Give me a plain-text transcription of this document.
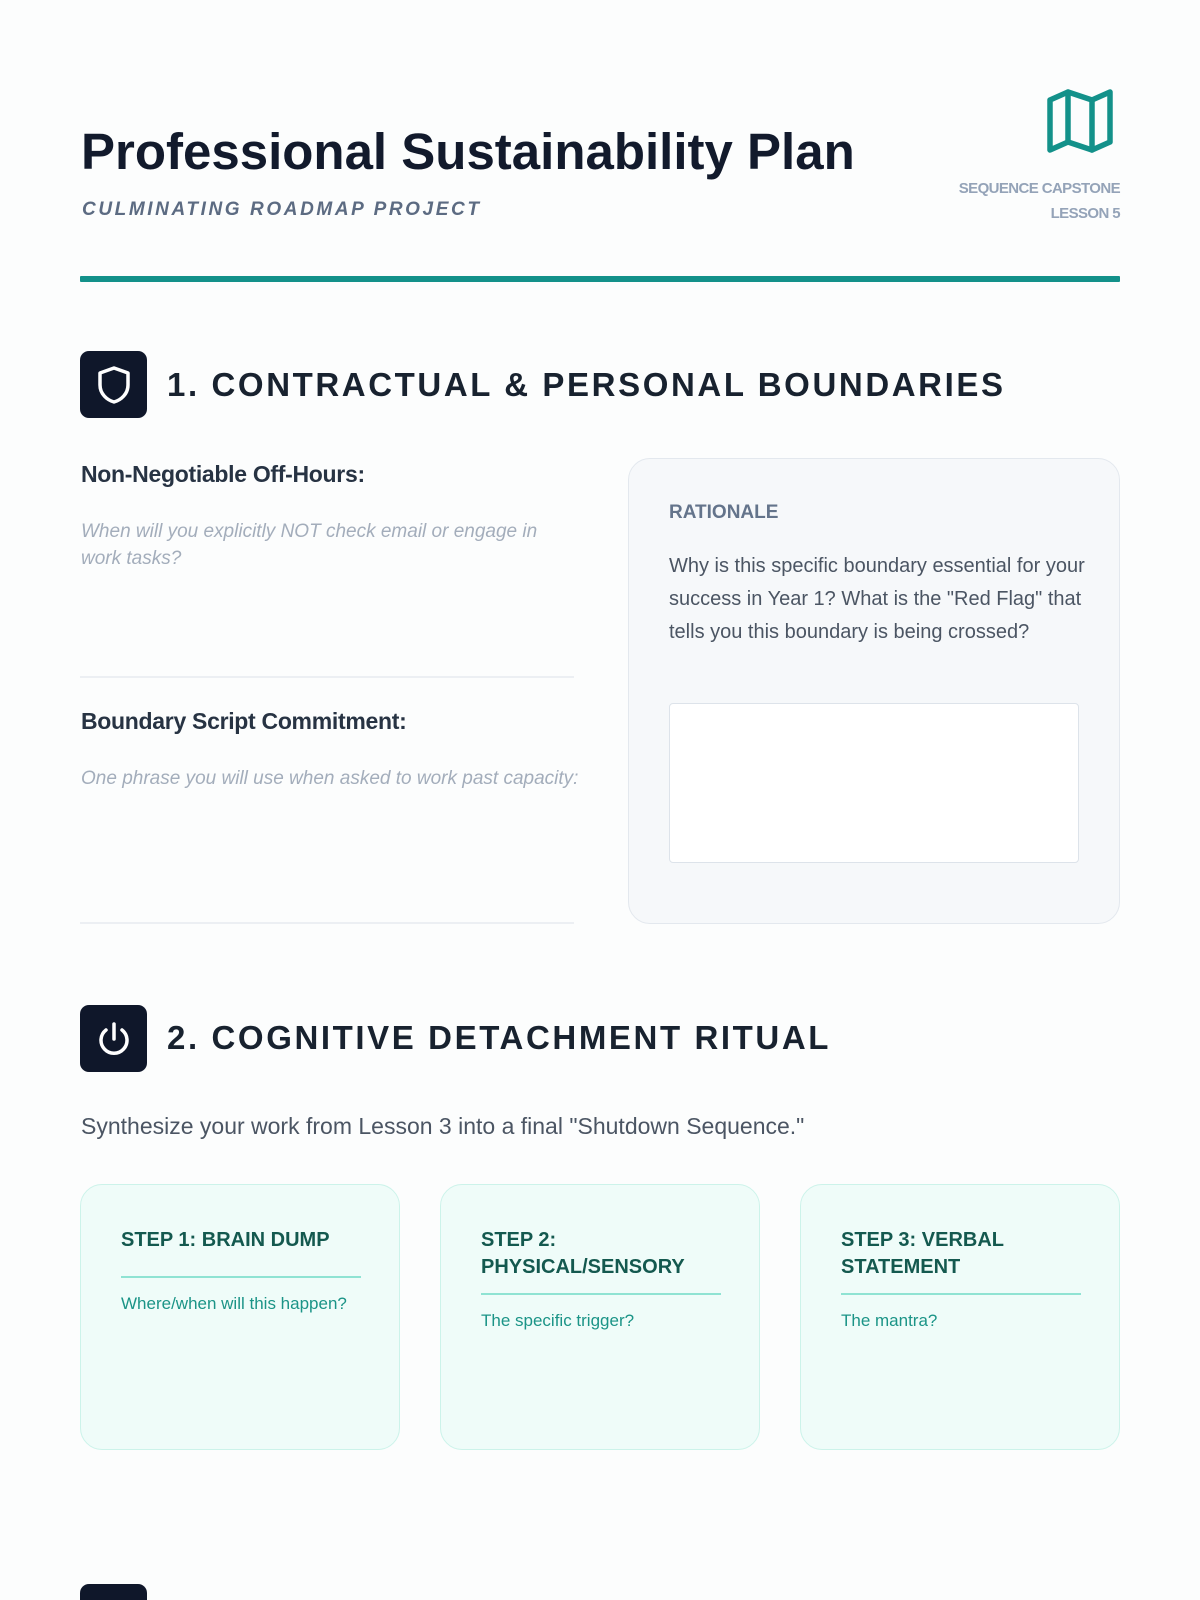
Professional Sustainability Plan
CULMINATING ROADMAP PROJECT
SEQUENCE CAPSTONE
LESSON 5
1. CONTRACTUAL & PERSONAL BOUNDARIES
Non-Negotiable Off-Hours:
When will you explicitly NOT check email or engage in work tasks?
Boundary Script Commitment:
One phrase you will use when asked to work past capacity:
RATIONALE
Why is this specific boundary essential for your success in Year 1? What is the "Red Flag" that tells you this boundary is being crossed?
2. COGNITIVE DETACHMENT RITUAL
Synthesize your work from Lesson 3 into a final "Shutdown Sequence."
STEP 1: BRAIN DUMP
Where/when will this happen?
STEP 2: PHYSICAL/SENSORY
The specific trigger?
STEP 3: VERBAL STATEMENT
The mantra?
